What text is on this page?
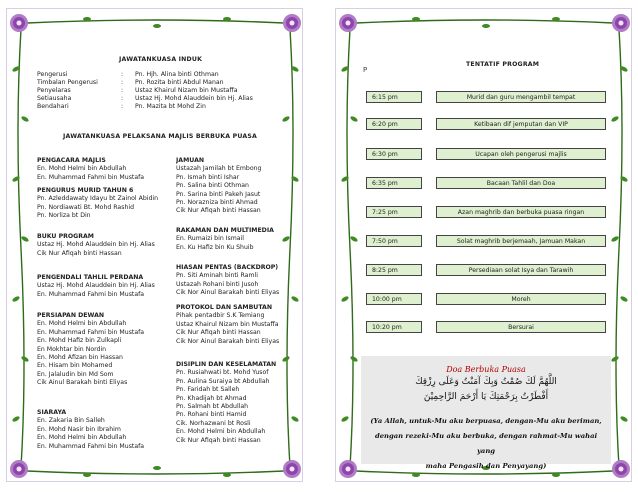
JAWATANKUASA INDUK
Pengerusi	: Pn. Hjh. Alina binti Othman
Timbalan Pengerusi	: Pn. Rozita binti Abdul Manan
Penyelaras	: Ustaz Khairul Nizam bin Mustaffa
Setiausaha	: Ustaz Hj. Mohd Alauddein bin Hj. Alias
Bendahari	: Pn. Mazita bt Mohd Zin
JAWATANKUASA PELAKSANA MAJLIS BERBUKA PUASA
PENGACARA MAJLIS
En. Mohd Helmi bin Abdullah
En. Muhammad Fahmi bin Mustafa
PENGURUS MURID TAHUN 6
Pn. Azleddawaty Idayu bt Zainol Abidin
Pn. Nordiawati Bt. Mohd Rashid
Pn. Norliza bt Din
BUKU PROGRAM
Ustaz Hj. Mohd Alauddein bin Hj. Alias
Cik Nur Afiqah binti Hassan
PENGENDALI TAHLIL PERDANA
Ustaz Hj. Mohd Alauddein bin Hj. Alias
En. Muhammad Fahmi bin Mustafa
PERSIAPAN DEWAN
En. Mohd Helmi bin Abdullah
En. Muhammad Fahmi bin Mustafa
En. Mohd Hafiz bin Zulkapli
En Mokhtar bin Nordin
En. Mohd Afizan bin Hassan
En. Hisam bin Mohamed
En. Jalaludin bin Md Som
Cik Ainul Barakah binti Eliyas
SIARAYA
En. Zakaria Bin Salleh
En. Mohd Nasir bin Ibrahim
En. Mohd Helmi bin Abdullah
En. Muhammad Fahmi bin Mustafa
JAMUAN
Ustazah Jamilah bt Embong
Pn. Ismah binti Ishar
Pn. Salina binti Othman
Pn. Sarina binti Pakeh Jasut
Pn. Norazniza binti Ahmad
Cik Nur Afiqah binti Hassan
RAKAMAN DAN MULTIMEDIA
En. Rumaizi bin Ismail
En. Ku Hafiz bin Ku Shuib
HIASAN PENTAS (BACKDROP)
Pn. Siti Aminah binti Ramli
Ustazah Rohani binti Jusoh
Cik Nor Ainul Barakah binti Eliyas
PROTOKOL DAN SAMBUTAN
Pihak pentadbir S.K Temiang
Ustaz Khairul Nizam bin Mustaffa
Cik Nur Afiqah binti Hassan
Cik Nor Ainul Barakah binti Eliyas
DISIPLIN DAN KESELAMATAN
Pn. Rusiahwati bt. Mohd Yusof
Pn. Aulina Suraiya bt Abdullah
Pn. Faridah bt Salleh
Pn. Khadijah bt Ahmad
Pn. Salmah bt Abdullah
Pn. Rohani binti Hamid
Cik. Norhazwani bt Rosli
En. Mohd Helmi bin Abdullah
Cik Nur Afiqah binti Hassan
TENTATIF PROGRAM
6:15 pm	Murid dan guru mengambil tempat
6:20 pm	Ketibaan dif jemputan dan VIP
6:30 pm	Ucapan oleh pengerusi majlis
6:35 pm	Bacaan Tahlil dan Doa
7:25 pm	Azan maghrib dan berbuka puasa ringan
7:50 pm	Solat maghrib berjemaah, Jamuan Makan
8:25 pm	Persediaan solat Isya dan Tarawih
10:00 pm	Moreh
10:20 pm	Bersurai
Doa Berbuka Puasa
اللَّهُمَّ لَكَ صُمْتُ وَبِكَ آمَنْتُ وَعَلَى رِزْقِكَ
أَفْطَرْتُ بِرَحْمَتِكَ يَا أَرْحَمَ الرَّاحِمِيْنَ
(Ya Allah, untuk-Mu aku berpuasa, dengan-Mu aku beriman,
dengan rezeki-Mu aku berbuka, dengan rahmat-Mu wahai yang
maha Pengasih dan Penyayang)
P
